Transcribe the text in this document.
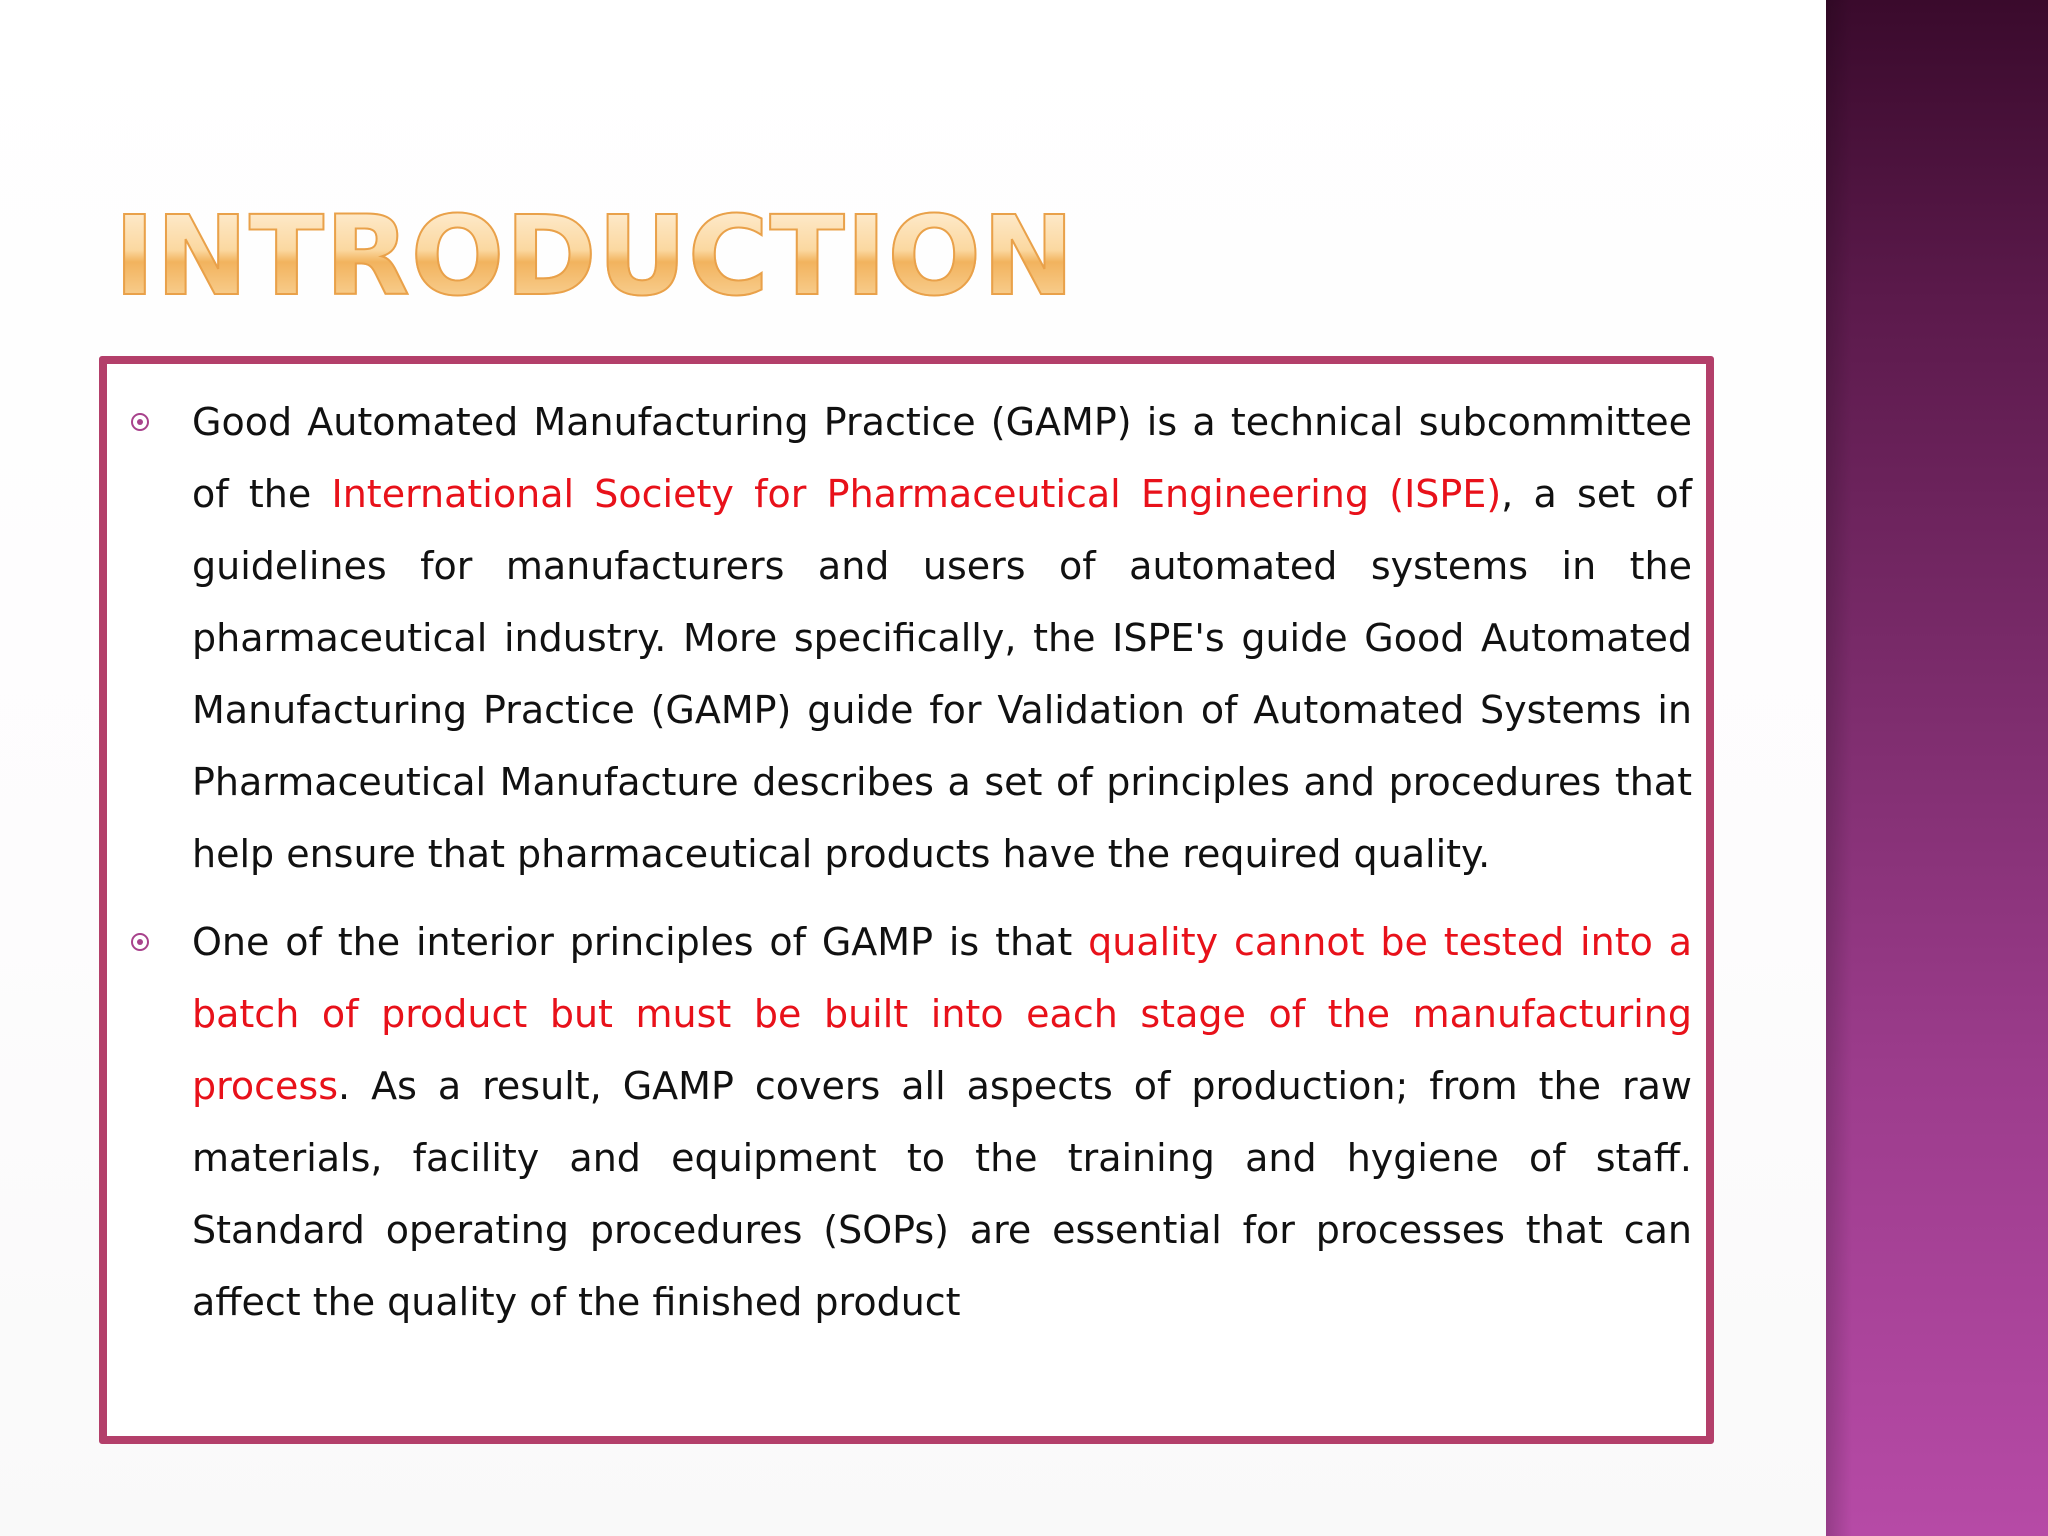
INTRODUCTION
Good Automated Manufacturing Practice (GAMP) is a technical subcommittee of the International Society for Pharmaceutical Engineering (ISPE), a set of guidelines for manufacturers and users of automated systems in the pharmaceutical industry. More specifically, the ISPE's guide Good Automated Manufacturing Practice (GAMP) guide for Validation of Automated Systems in Pharmaceutical Manufacture describes a set of principles and procedures that help ensure that pharmaceutical products have the required quality.
One of the interior principles of GAMP is that quality cannot be tested into a batch of product but must be built into each stage of the manufacturing process. As a result, GAMP covers all aspects of production; from the raw materials, facility and equipment to the training and hygiene of staff. Standard operating procedures (SOPs) are essential for processes that can affect the quality of the finished product
